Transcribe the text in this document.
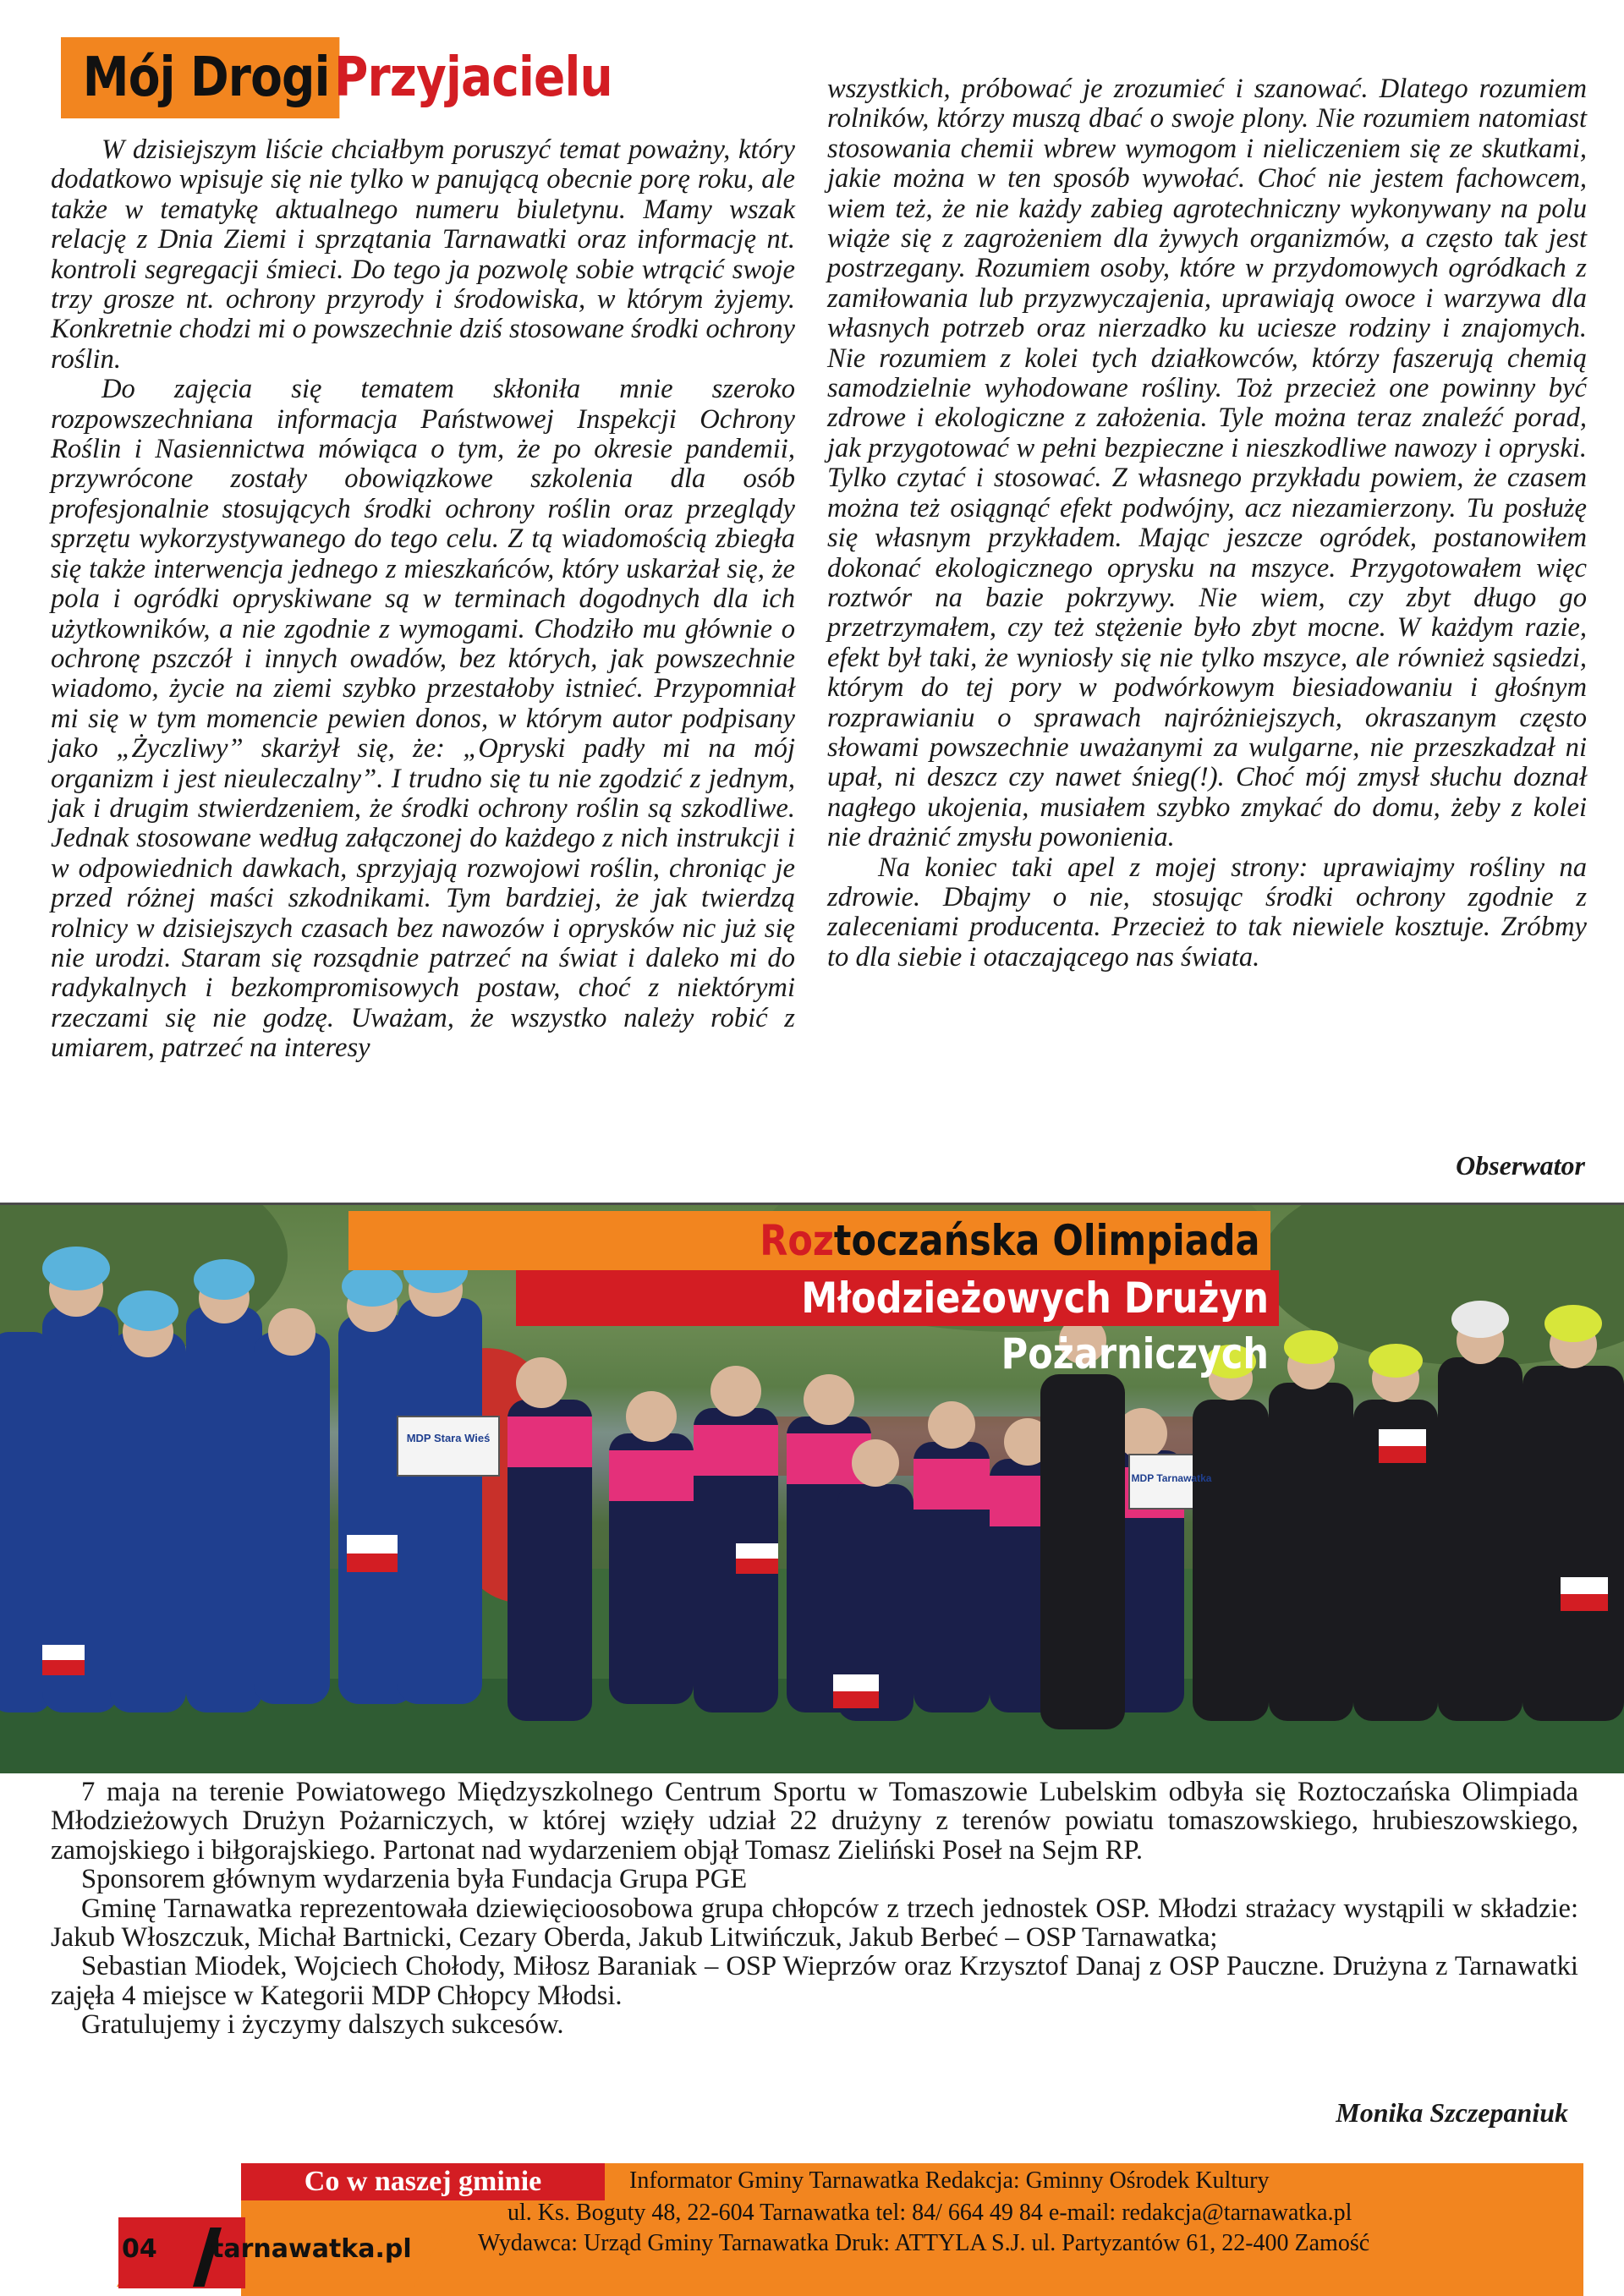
Mój Drogi Przyjacielu

W dzisiejszym liście chciałbym poruszyć temat poważny, który dodatkowo wpisuje się nie tylko w panującą obecnie porę roku, ale także w tematykę aktualnego numeru biuletynu. Mamy wszak relację z Dnia Ziemi i sprzątania Tarnawatki oraz informację nt. kontroli segregacji śmieci. Do tego ja pozwolę sobie wtrącić swoje trzy grosze nt. ochrony przyrody i środowiska, w którym żyjemy. Konkretnie chodzi mi o powszechnie dziś stosowane środki ochrony roślin.

Do zajęcia się tematem skłoniła mnie szeroko rozpowszechniana informacja Państwowej Inspekcji Ochrony Roślin i Nasiennictwa mówiąca o tym, że po okresie pandemii, przywrócone zostały obowiązkowe szkolenia dla osób profesjonalnie stosujących środki ochrony roślin oraz przeglądy sprzętu wykorzystywanego do tego celu. Z tą wiadomością zbiegła się także interwencja jednego z mieszkańców, który uskarżał się, że pola i ogródki opryskiwane są w terminach dogodnych dla ich użytkowników, a nie zgodnie z wymogami. Chodziło mu głównie o ochronę pszczół i innych owadów, bez których, jak powszechnie wiadomo, życie na ziemi szybko przestałoby istnieć. Przypomniał mi się w tym momencie pewien donos, w którym autor podpisany jako „Życzliwy” skarżył się, że: „Opryski padły mi na mój organizm i jest nieuleczalny”. I trudno się tu nie zgodzić z jednym, jak i drugim stwierdzeniem, że środki ochrony roślin są szkodliwe. Jednak stosowane według załączonej do każdego z nich instrukcji i w odpowiednich dawkach, sprzyjają rozwojowi roślin, chroniąc je przed różnej maści szkodnikami. Tym bardziej, że jak twierdzą rolnicy w dzisiejszych czasach bez nawozów i oprysków nic już się nie urodzi. Staram się rozsądnie patrzeć na świat i daleko mi do radykalnych i bezkompromisowych postaw, choć z niektórymi rzeczami się nie godzę. Uważam, że wszystko należy robić z umiarem, patrzeć na interesy

wszystkich, próbować je zrozumieć i szanować. Dlatego rozumiem rolników, którzy muszą dbać o swoje plony. Nie rozumiem natomiast stosowania chemii wbrew wymogom i nieliczeniem się ze skutkami, jakie można w ten sposób wywołać. Choć nie jestem fachowcem, wiem też, że nie każdy zabieg agrotechniczny wykonywany na polu wiąże się z zagrożeniem dla żywych organizmów, a często tak jest postrzegany. Rozumiem osoby, które w przydomowych ogródkach z zamiłowania lub przyzwyczajenia, uprawiają owoce i warzywa dla własnych potrzeb oraz nierzadko ku uciesze rodziny i znajomych. Nie rozumiem z kolei tych działkowców, którzy faszerują chemią samodzielnie wyhodowane rośliny. Toż przecież one powinny być zdrowe i ekologiczne z założenia. Tyle można teraz znaleźć porad, jak przygotować w pełni bezpieczne i nieszkodliwe nawozy i opryski. Tylko czytać i stosować. Z własnego przykładu powiem, że czasem można też osiągnąć efekt podwójny, acz niezamierzony. Tu posłużę się własnym przykładem. Mając jeszcze ogródek, postanowiłem dokonać ekologicznego oprysku na mszyce. Przygotowałem więc roztwór na bazie pokrzywy. Nie wiem, czy zbyt długo go przetrzymałem, czy też stężenie było zbyt mocne. W każdym razie, efekt był taki, że wyniosły się nie tylko mszyce, ale również sąsiedzi, którym do tej pory w podwórkowym biesiadowaniu i głośnym rozprawianiu o sprawach najróżniejszych, okraszanym często słowami powszechnie uważanymi za wulgarne, nie przeszkadzał ni upał, ni deszcz czy nawet śnieg(!). Choć mój zmysł słuchu doznał nagłego ukojenia, musiałem szybko zmykać do domu, żeby z kolei nie drażnić zmysłu powonienia.

Na koniec taki apel z mojej strony: uprawiajmy rośliny na zdrowie. Dbajmy o nie, stosując środki ochrony zgodnie z zaleceniami producenta. Przecież to tak niewiele kosztuje. Zróbmy to dla siebie i otaczającego nas świata.

Obserwator
MDP Stara Wieś
MDP Tarnawatka
Roztoczańska Olimpiada
Młodzieżowych Drużyn Pożarniczych

7 maja na terenie Powiatowego Międzyszkolnego Centrum Sportu w Tomaszowie Lubelskim odbyła się Roztoczańska Olimpiada Młodzieżowych Drużyn Pożarniczych, w której wzięły udział 22 drużyny z terenów powiatu tomaszowskiego, hrubieszowskiego, zamojskiego i biłgorajskiego. Partonat nad wydarzeniem objął Tomasz Zieliński Poseł na Sejm RP.

Sponsorem głównym wydarzenia była Fundacja Grupa PGE

Gminę Tarnawatka reprezentowała dziewięcioosobowa grupa chłopców z trzech jednostek OSP. Młodzi strażacy wystąpili w składzie: Jakub Włoszczuk, Michał Bartnicki, Cezary Oberda, Jakub Litwińczuk, Jakub Berbeć – OSP Tarnawatka;

Sebastian Miodek, Wojciech Chołody, Miłosz Baraniak – OSP Wieprzów oraz Krzysztof Danaj z OSP Pauczne. Drużyna z Tarnawatki zajęła 4 miejsce w Kategorii MDP Chłopcy Młodsi.

Gratulujemy i życzymy dalszych sukcesów.

Monika Szczepaniuk
Co w naszej gminie	Informator Gminy Tarnawatka Redakcja: Gminny Ośrodek Kultury
ul. Ks. Boguty 48, 22-604 Tarnawatka tel: 84/ 664 49 84 e-mail: redakcja@tarnawatka.pl
Wydawca: Urząd Gminy Tarnawatka Druk: ATTYLA S.J. ul. Partyzantów 61, 22-400 Zamość
04 tarnawatka.pl
